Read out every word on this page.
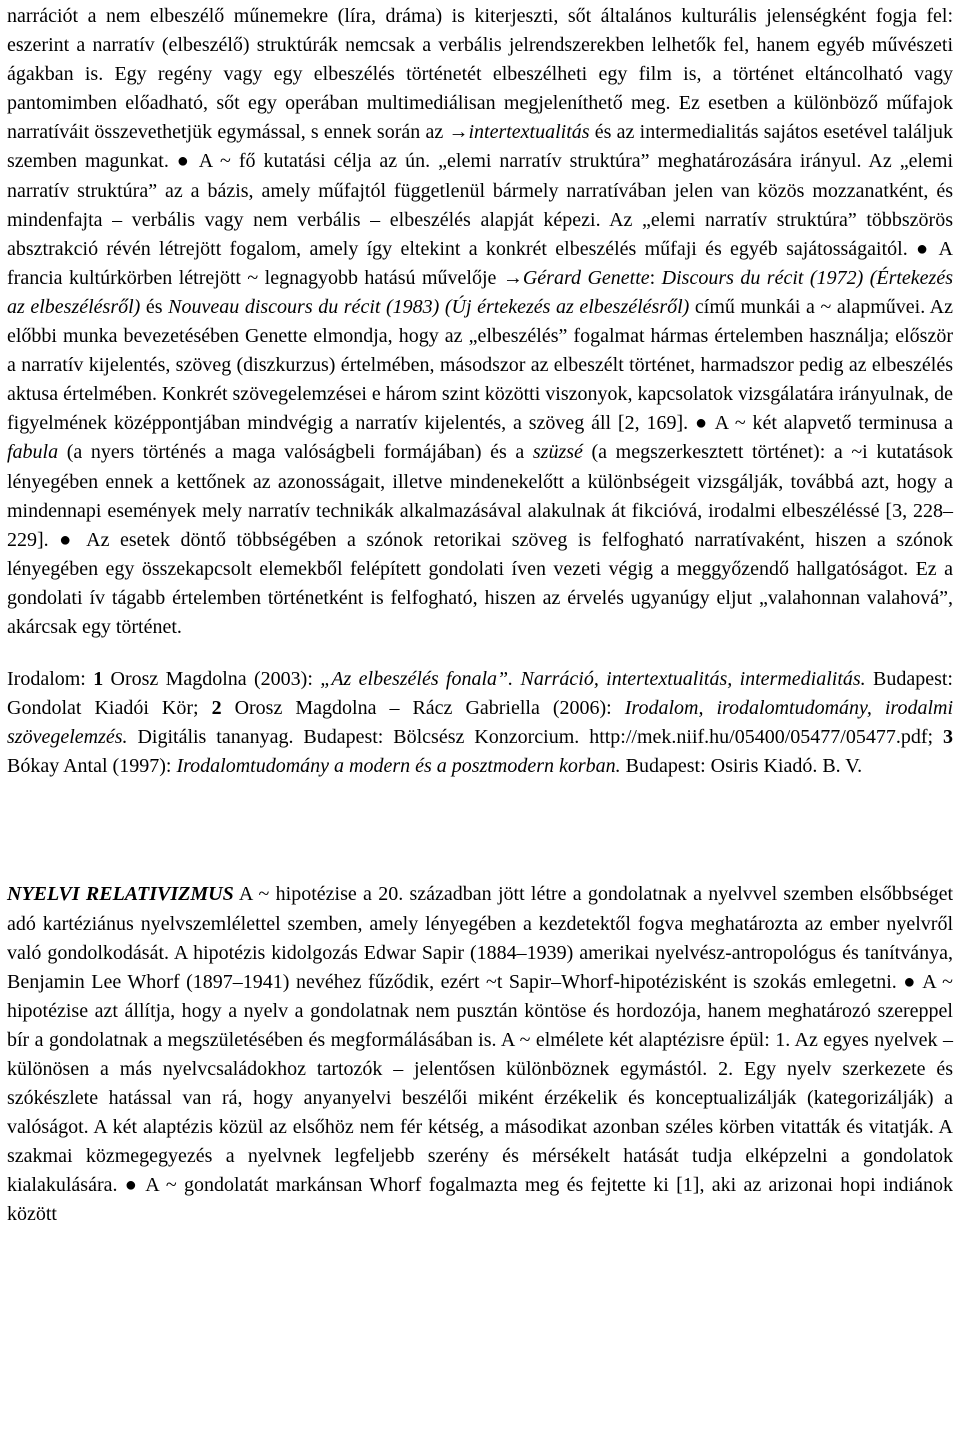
narrációt a nem elbeszélő műnemekre (líra, dráma) is kiterjeszti, sőt általános kulturális jelenségként fogja fel: eszerint a narratív (elbeszélő) struktúrák nemcsak a verbális jelrendszerekben lelhetők fel, hanem egyéb művészeti ágakban is. Egy regény vagy egy elbeszélés történetét elbeszélheti egy film is, a történet eltáncolható vagy pantomimben előadható, sőt egy operában multimediálisan megjeleníthető meg. Ez esetben a különböző műfajok narratíváit összevethetjük egymással, s ennek során az →intertextualitás és az intermedialitás sajátos esetével találjuk szemben magunkat. ● A ~ fő kutatási célja az ún. „elemi narratív struktúra” meghatározására irányul. Az „elemi narratív struktúra” az a bázis, amely műfajtól függetlenül bármely narratívában jelen van közös mozzanatként, és mindenfajta – verbális vagy nem verbális – elbeszélés alapját képezi. Az „elemi narratív struktúra” többszörös absztrakció révén létrejött fogalom, amely így eltekint a konkrét elbeszélés műfaji és egyéb sajátosságaitól. ● A francia kultúrkörben létrejött ~ legnagyobb hatású művelője →Gérard Genette: Discours du récit (1972) (Értekezés az elbeszélésről) és Nouveau discours du récit (1983) (Új értekezés az elbeszélésről) című munkái a ~ alapművei. Az előbbi munka bevezetésében Genette elmondja, hogy az „elbeszélés” fogalmat hármas értelemben használja; először a narratív kijelentés, szöveg (diszkurzus) értelmében, másodszor az elbeszélt történet, harmadszor pedig az elbeszélés aktusa értelmében. Konkrét szövegelemzései e három szint közötti viszonyok, kapcsolatok vizsgálatára irányulnak, de figyelmének középpontjában mindvégig a narratív kijelentés, a szöveg áll [2, 169]. ● A ~ két alapvető terminusa a fabula (a nyers történés a maga valóságbeli formájában) és a szüzsé (a megszerkesztett történet): a ~i kutatások lényegében ennek a kettőnek az azonosságait, illetve mindenekelőtt a különbségeit vizsgálják, továbbá azt, hogy a mindennapi események mely narratív technikák alkalmazásával alakulnak át fikcióvá, irodalmi elbeszéléssé [3, 228–229]. ● Az esetek döntő többségében a szónok retorikai szöveg is felfogható narratívaként, hiszen a szónok lényegében egy összekapcsolt elemekből felépített gondolati íven vezeti végig a meggyőzendő hallgatóságot. Ez a gondolati ív tágabb értelemben történetként is felfogható, hiszen az érvelés ugyanúgy eljut „valahonnan valahová”, akárcsak egy történet.

Irodalom: 1 Orosz Magdolna (2003): „Az elbeszélés fonala”. Narráció, intertextualitás, intermedialitás. Budapest: Gondolat Kiadói Kör; 2 Orosz Magdolna – Rácz Gabriella (2006): Irodalom, irodalomtudomány, irodalmi szövegelemzés. Digitális tananyag. Budapest: Bölcsész Konzorcium. http://mek.niif.hu/05400/05477/05477.pdf; 3 Bókay Antal (1997): Irodalomtudomány a modern és a posztmodern korban. Budapest: Osiris Kiadó. B. V.

NYELVI RELATIVIZMUS A ~ hipotézise a 20. században jött létre a gondolatnak a nyelvvel szemben elsőbbséget adó kartéziánus nyelvszemlélettel szemben, amely lényegében a kezdetektől fogva meghatározta az ember nyelvről való gondolkodását. A hipotézis kidolgozás Edwar Sapir (1884–1939) amerikai nyelvész-antropológus és tanítványa, Benjamin Lee Whorf (1897–1941) nevéhez fűződik, ezért ~t Sapir–Whorf-hipotézisként is szokás emlegetni. ● A ~ hipotézise azt állítja, hogy a nyelv a gondolatnak nem pusztán köntöse és hordozója, hanem meghatározó szereppel bír a gondolatnak a megszületésében és megformálásában is. A ~ elmélete két alaptézisre épül: 1. Az egyes nyelvek – különösen a más nyelvcsaládokhoz tartozók – jelentősen különböznek egymástól. 2. Egy nyelv szerkezete és szókészlete hatással van rá, hogy anyanyelvi beszélői miként érzékelik és konceptualizálják (kategorizálják) a valóságot. A két alaptézis közül az elsőhöz nem fér kétség, a másodikat azonban széles körben vitatták és vitatják. A szakmai közmegegyezés a nyelvnek legfeljebb szerény és mérsékelt hatását tudja elképzelni a gondolatok kialakulására. ● A ~ gondolatát markánsan Whorf fogalmazta meg és fejtette ki [1], aki az arizonai hopi indiánok között
